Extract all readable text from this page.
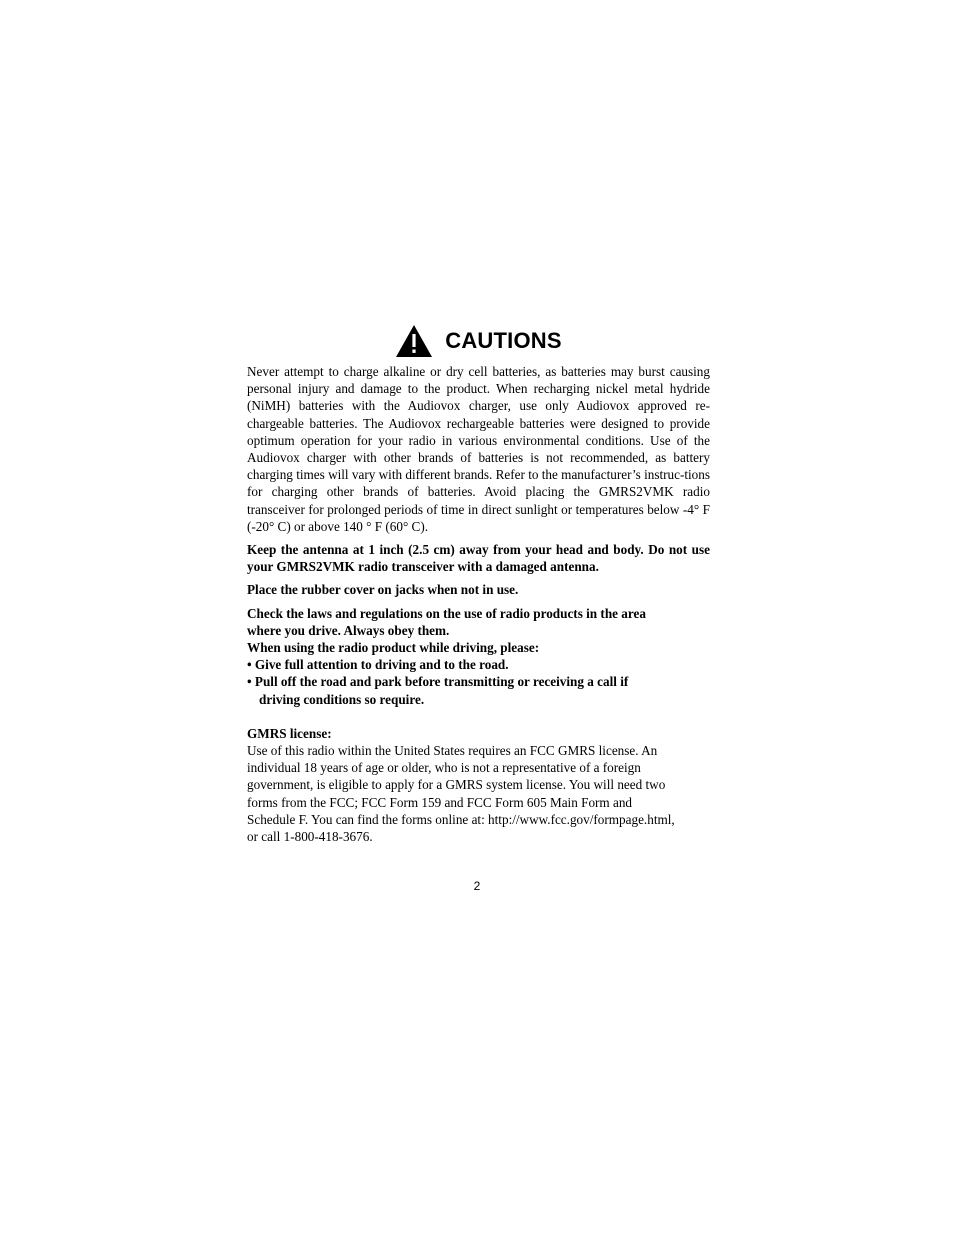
CAUTIONS

Never attempt to charge alkaline or dry cell batteries, as batteries may burst causing personal injury and damage to the product. When recharging nickel metal hydride (NiMH) batteries with the Audiovox charger, use only Audiovox approved re-chargeable batteries. The Audiovox rechargeable batteries were designed to provide optimum operation for your radio in various environmental conditions. Use of the Audiovox charger with other brands of batteries is not recommended, as battery charging times will vary with different brands. Refer to the manufacturer’s instruc-tions for charging other brands of batteries. Avoid placing the GMRS2VMK radio transceiver for prolonged periods of time in direct sunlight or temperatures below -4° F (-20° C) or above 140 ° F (60° C).

Keep the antenna at 1 inch (2.5 cm) away from your head and body. Do not use your GMRS2VMK radio transceiver with a damaged antenna.

Place the rubber cover on jacks when not in use.

Check the laws and regulations on the use of radio products in the area

where you drive. Always obey them.

When using the radio product while driving, please:

• Give full attention to driving and to the road.

• Pull off the road and park before transmitting or receiving a call if

driving conditions so require.

GMRS license:

Use of this radio within the United States requires an FCC GMRS license. An

individual 18 years of age or older, who is not a representative of a foreign

government, is eligible to apply for a GMRS system license. You will need two

forms from the FCC; FCC Form 159 and FCC Form 605 Main Form and

Schedule F. You can find the forms online at: http://www.fcc.gov/formpage.html,

or call 1-800-418-3676.

2
